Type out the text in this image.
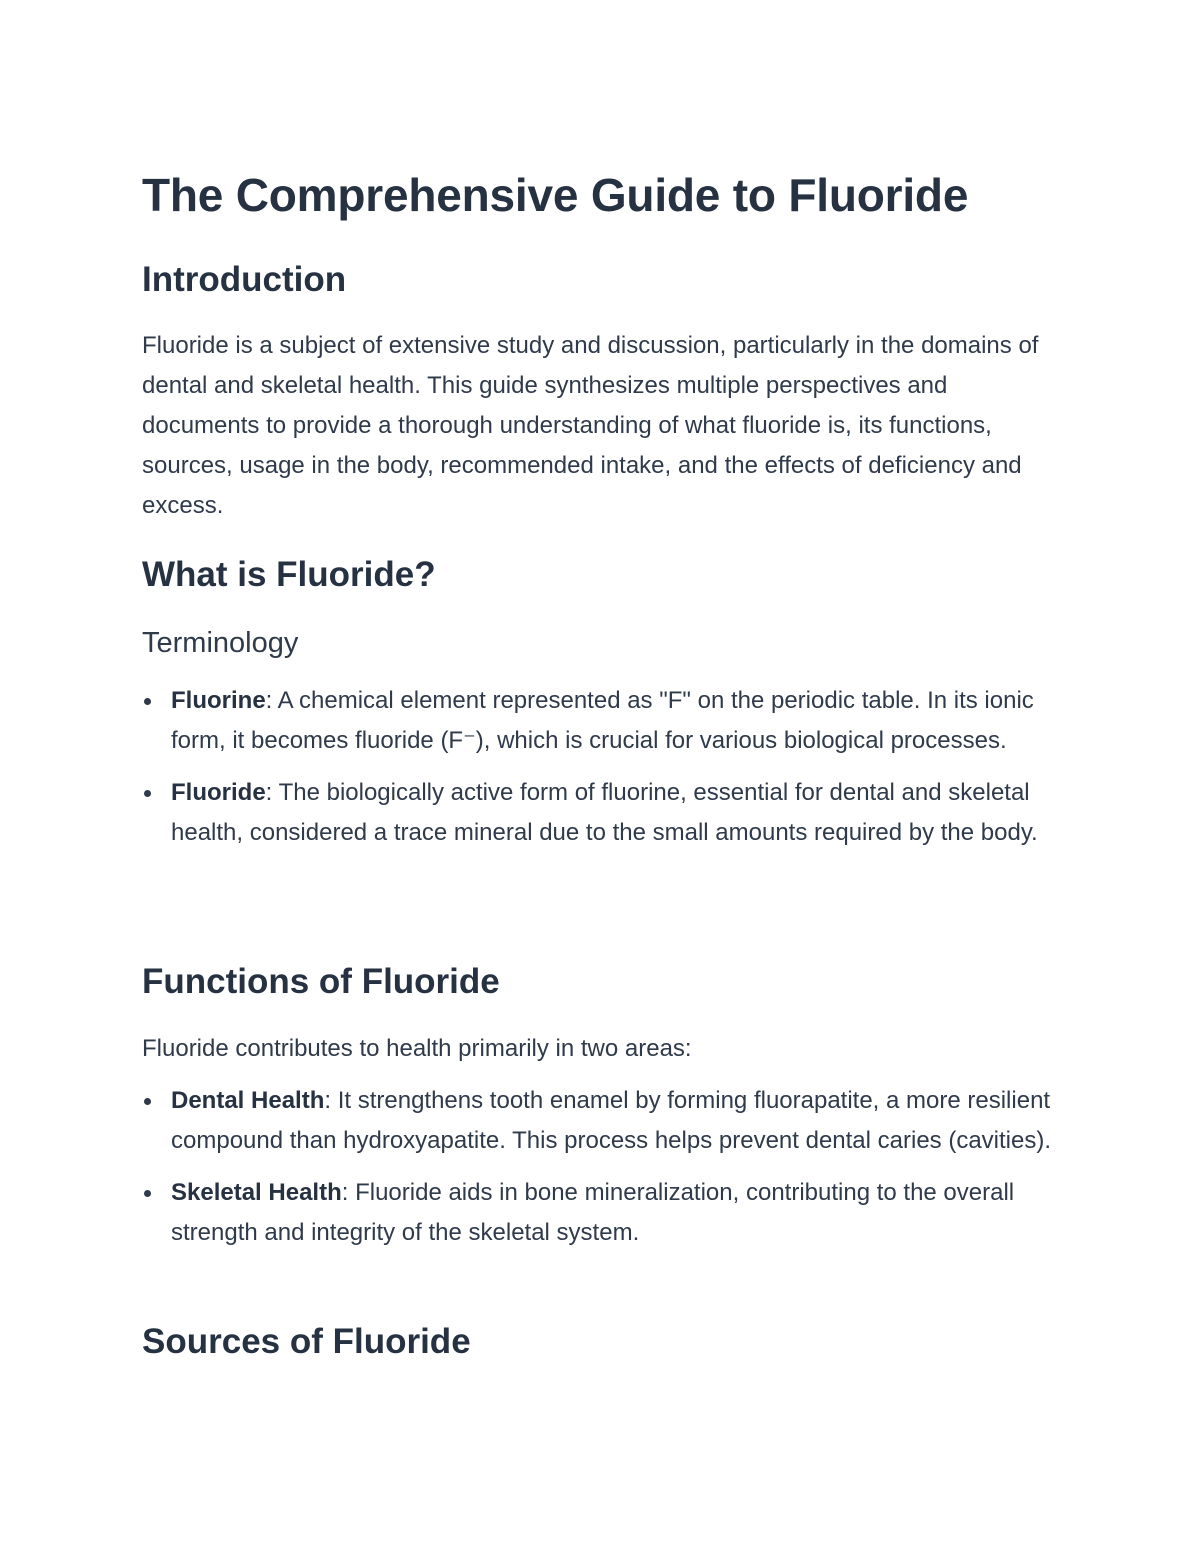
The Comprehensive Guide to Fluoride
Introduction

Fluoride is a subject of extensive study and discussion, particularly in the domains of dental and skeletal health. This guide synthesizes multiple perspectives and documents to provide a thorough understanding of what fluoride is, its functions, sources, usage in the body, recommended intake, and the effects of deficiency and excess.

What is Fluoride?
Terminology
Fluorine: A chemical element represented as "F" on the periodic table. In its ionic form, it becomes fluoride (F⁻), which is crucial for various biological processes.
Fluoride: The biologically active form of fluorine, essential for dental and skeletal health, considered a trace mineral due to the small amounts required by the body.
Functions of Fluoride

Fluoride contributes to health primarily in two areas:

Dental Health: It strengthens tooth enamel by forming fluorapatite, a more resilient compound than hydroxyapatite. This process helps prevent dental caries (cavities).
Skeletal Health: Fluoride aids in bone mineralization, contributing to the overall strength and integrity of the skeletal system.
Sources of Fluoride
